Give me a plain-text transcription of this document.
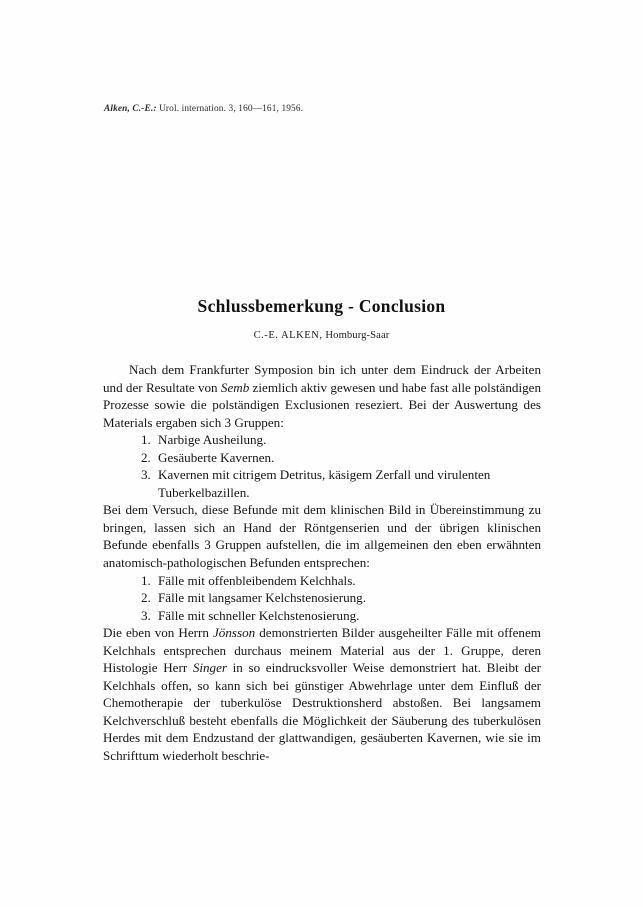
Alken, C.-E.: Urol. internation. 3, 160—161, 1956.
Schlussbemerkung - Conclusion
C.-E. ALKEN, Homburg-Saar

Nach dem Frankfurter Symposion bin ich unter dem Eindruck der Arbeiten und der Resultate von Semb ziemlich aktiv gewesen und habe fast alle polständigen Prozesse sowie die polständigen Exclusionen reseziert. Bei der Auswertung des Materials ergaben sich 3 Gruppen:

1. Narbige Ausheilung.
2. Gesäuberte Kavernen.
3. Kavernen mit citrigem Detritus, käsigem Zerfall und virulenten Tuberkelbazillen.

Bei dem Versuch, diese Befunde mit dem klinischen Bild in Übereinstimmung zu bringen, lassen sich an Hand der Röntgenserien und der übrigen klinischen Befunde ebenfalls 3 Gruppen aufstellen, die im allgemeinen den eben erwähnten anatomisch-pathologischen Befunden entsprechen:

1. Fälle mit offenbleibendem Kelchhals.
2. Fälle mit langsamer Kelchstenosierung.
3. Fälle mit schneller Kelchstenosierung.

Die eben von Herrn Jönsson demonstrierten Bilder ausgeheilter Fälle mit offenem Kelchhals entsprechen durchaus meinem Material aus der 1. Gruppe, deren Histologie Herr Singer in so eindrucksvoller Weise demonstriert hat. Bleibt der Kelchhals offen, so kann sich bei günstiger Abwehrlage unter dem Einfluß der Chemotherapie der tuberkulöse Destruktionsherd abstoßen. Bei langsamem Kelchverschluß besteht ebenfalls die Möglichkeit der Säuberung des tuberkulösen Herdes mit dem Endzustand der glattwandigen, gesäuberten Kavernen, wie sie im Schrifttum wiederholt beschrie-
